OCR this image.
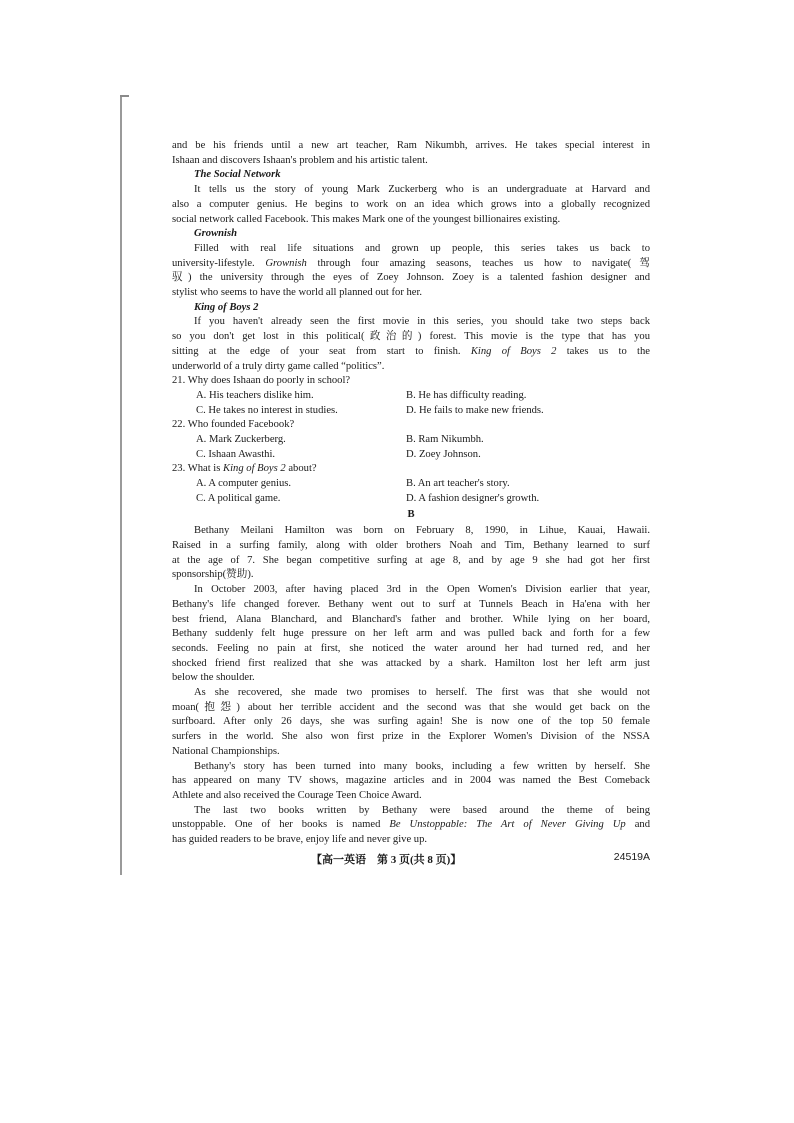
and be his friends until a new art teacher, Ram Nikumbh, arrives. He takes special interest in
Ishaan and discovers Ishaan's problem and his artistic talent.
The Social Network
It tells us the story of young Mark Zuckerberg who is an undergraduate at Harvard and
also a computer genius. He begins to work on an idea which grows into a globally recognized
social network called Facebook. This makes Mark one of the youngest billionaires existing.
Grownish
Filled with real life situations and grown up people, this series takes us back to
university-lifestyle. Grownish through four amazing seasons, teaches us how to navigate(驾
驭) the university through the eyes of Zoey Johnson. Zoey is a talented fashion designer and
stylist who seems to have the world all planned out for her.
King of Boys 2
If you haven't already seen the first movie in this series, you should take two steps back
so you don't get lost in this political(政治的) forest. This movie is the type that has you
sitting at the edge of your seat from start to finish. King of Boys 2 takes us to the
underworld of a truly dirty game called “politics”.
21. Why does Ishaan do poorly in school?
A. His teachers dislike him.	B. He has difficulty reading.
C. He takes no interest in studies.	D. He fails to make new friends.
22. Who founded Facebook?
A. Mark Zuckerberg.	B. Ram Nikumbh.
C. Ishaan Awasthi.	D. Zoey Johnson.
23. What is King of Boys 2 about?
A. A computer genius.	B. An art teacher's story.
C. A political game.	D. A fashion designer's growth.
B
Bethany Meilani Hamilton was born on February 8, 1990, in Lihue, Kauai, Hawaii.
Raised in a surfing family, along with older brothers Noah and Tim, Bethany learned to surf
at the age of 7. She began competitive surfing at age 8, and by age 9 she had got her first
sponsorship(赞助).
In October 2003, after having placed 3rd in the Open Women's Division earlier that year,
Bethany's life changed forever. Bethany went out to surf at Tunnels Beach in Ha'ena with her
best friend, Alana Blanchard, and Blanchard's father and brother. While lying on her board,
Bethany suddenly felt huge pressure on her left arm and was pulled back and forth for a few
seconds. Feeling no pain at first, she noticed the water around her had turned red, and her
shocked friend first realized that she was attacked by a shark. Hamilton lost her left arm just
below the shoulder.
As she recovered, she made two promises to herself. The first was that she would not
moan(抱怨) about her terrible accident and the second was that she would get back on the
surfboard. After only 26 days, she was surfing again! She is now one of the top 50 female
surfers in the world. She also won first prize in the Explorer Women's Division of the NSSA
National Championships.
Bethany's story has been turned into many books, including a few written by herself. She
has appeared on many TV shows, magazine articles and in 2004 was named the Best Comeback
Athlete and also received the Courage Teen Choice Award.
The last two books written by Bethany were based around the theme of being
unstoppable. One of her books is named Be Unstoppable: The Art of Never Giving Up and
has guided readers to be brave, enjoy life and never give up.
【高一英语　第 3 页(共 8 页)】	24519A
